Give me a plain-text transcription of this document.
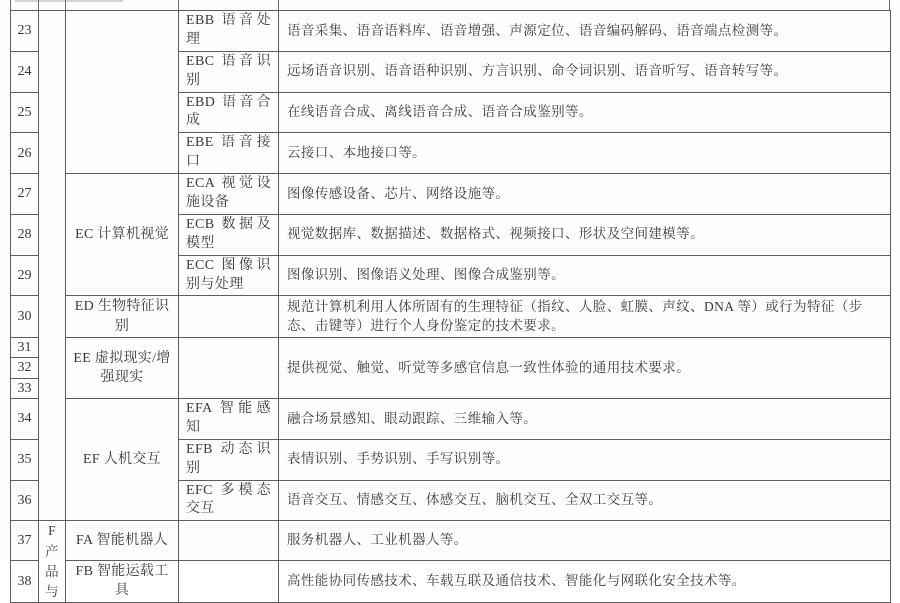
23			EBB 语音处理	语音采集、语音语料库、语音增强、声源定位、语音编码解码、语音端点检测等。
24			EBC 语音识别	远场语音识别、语音语种识别、方言识别、命令词识别、语音听写、语音转写等。
25			EBD 语音合成	在线语音合成、离线语音合成、语音合成鉴别等。
26			EBE 语音接口	云接口、本地接口等。
27		EC 计算机视觉	ECA 视觉设施设备	图像传感设备、芯片、网络设施等。
28			ECB 数据及模型	视觉数据库、数据描述、数据格式、视频接口、形状及空间建模等。
29			ECC 图像识别与处理	图像识别、图像语义处理、图像合成鉴别等。
30		ED 生物特征识别		规范计算机利用人体所固有的生理特征（指纹、人脸、虹膜、声纹、DNA 等）或行为特征（步态、击键等）进行个人身份鉴定的技术要求。
31		EE 虚拟现实/增强现实		提供视觉、触觉、听觉等多感官信息一致性体验的通用技术要求。
32				
33				
34		EF 人机交互	EFA 智能感知	融合场景感知、眼动跟踪、三维输入等。
35			EFB 动态识别	表情识别、手势识别、手写识别等。
36			EFC 多模态交互	语音交互、情感交互、体感交互、脑机交互、全双工交互等。
37	F产品与	FA 智能机器人		服务机器人、工业机器人等。
38		FB 智能运载工具		高性能协同传感技术、车载互联及通信技术、智能化与网联化安全技术等。
